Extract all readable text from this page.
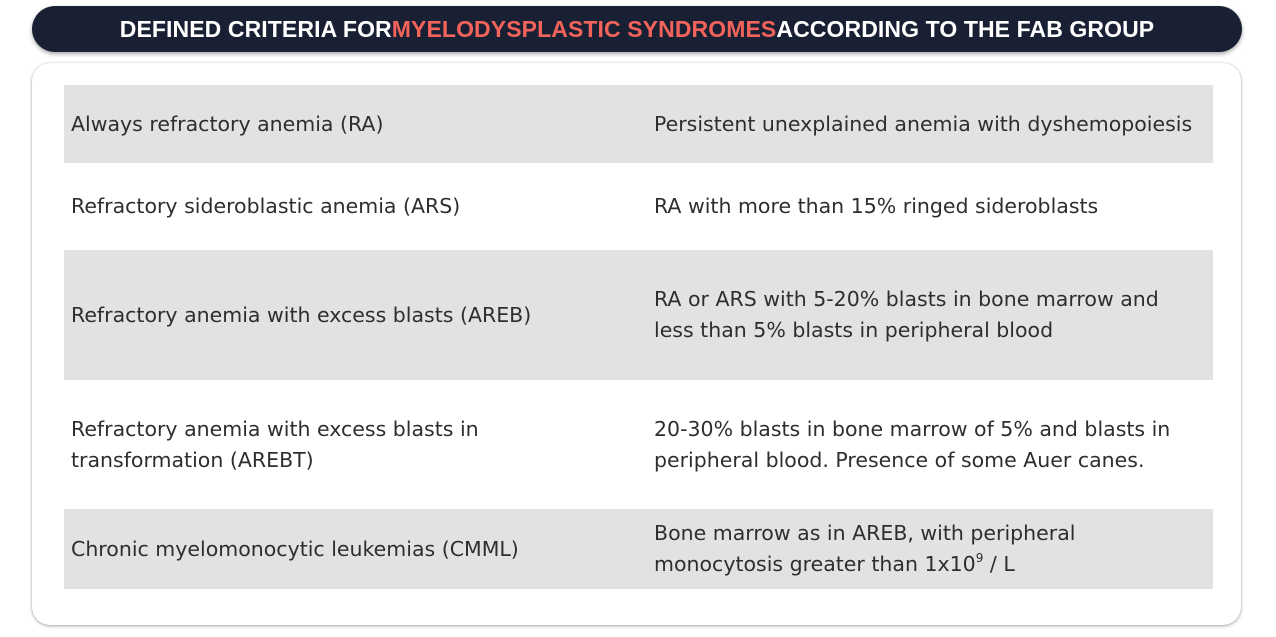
DEFINED CRITERIA FOR MYELODYSPLASTIC SYNDROMES ACCORDING TO THE FAB GROUP
Always refractory anemia (RA)	Persistent unexplained anemia with dyshemopoiesis
Refractory sideroblastic anemia (ARS)	RA with more than 15% ringed sideroblasts
Refractory anemia with excess blasts (AREB)
RA or ARS with 5-20% blasts in bone marrow and
less than 5% blasts in peripheral blood
Refractory anemia with excess blasts in
transformation (AREBT)
20-30% blasts in bone marrow of 5% and blasts in
peripheral blood. Presence of some Auer canes.
Chronic myelomonocytic leukemias (CMML)
Bone marrow as in AREB, with peripheral
monocytosis greater than $1x10^9$ / L
